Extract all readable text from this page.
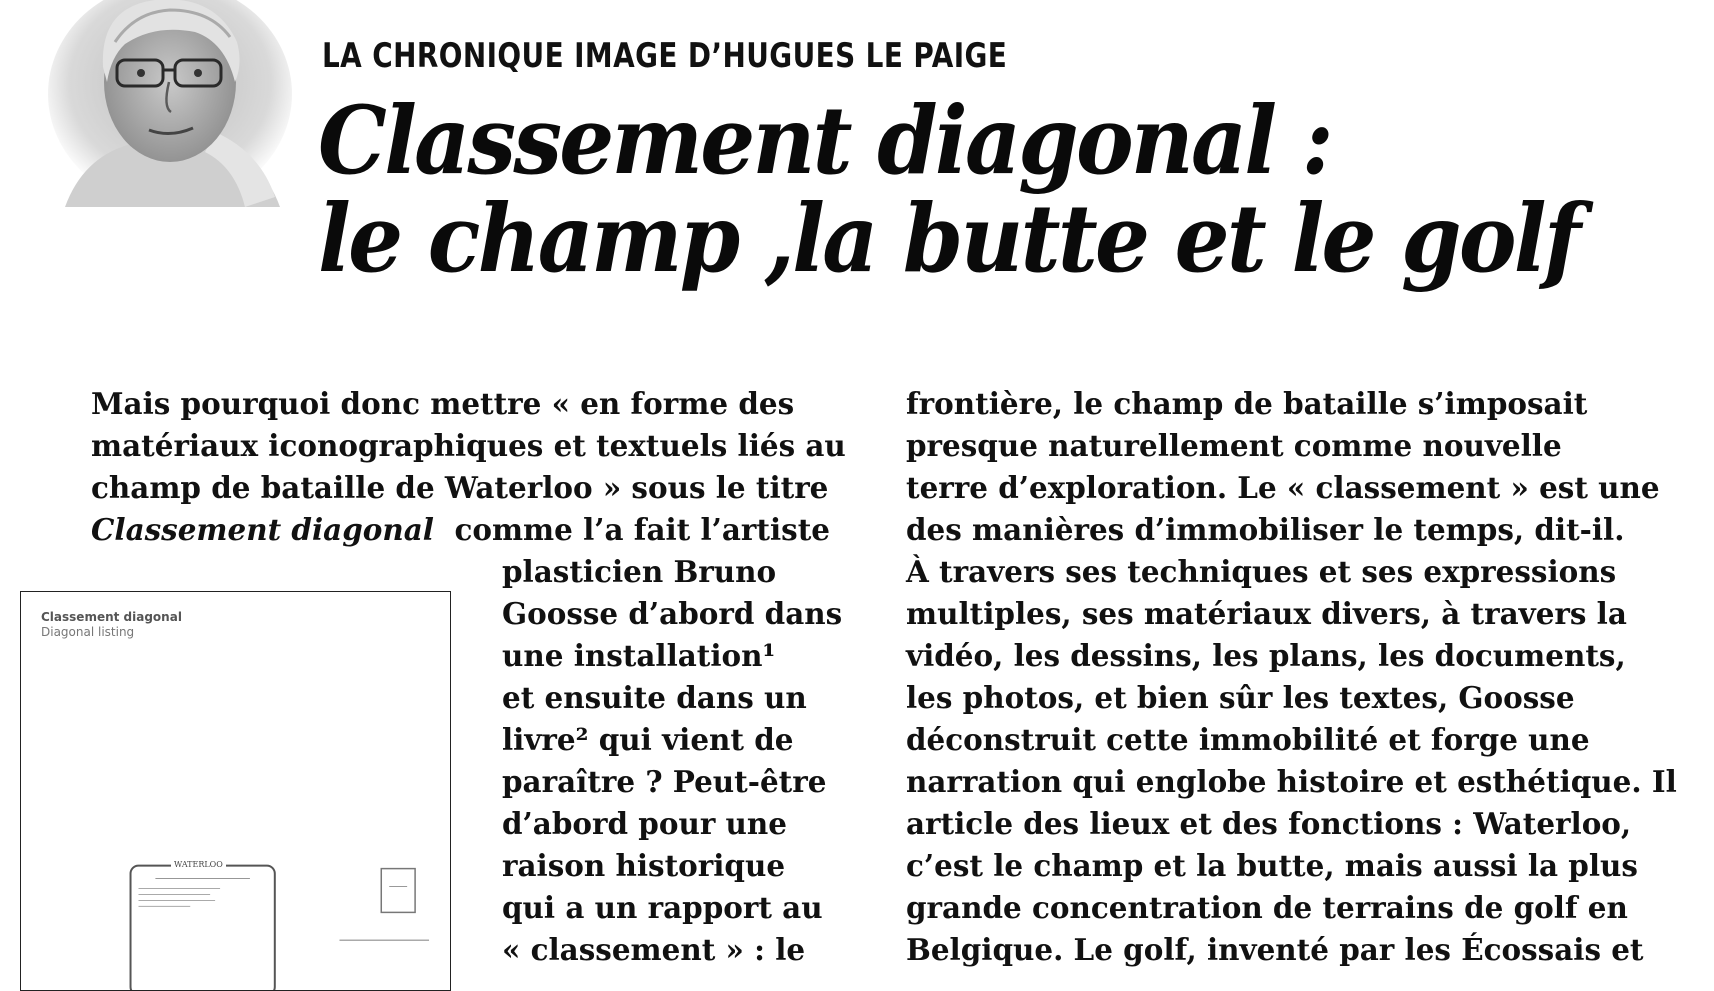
LA CHRONIQUE IMAGE D’HUGUES LE PAIGE
Classement diagonal :
le champ ,la butte et le golf
Mais pourquoi donc mettre « en forme des
matériaux iconographiques et textuels liés au
champ de bataille de Waterloo » sous le titre
Classement diagonal  comme l’a fait l’artiste
plasticien Bruno
Goosse d’abord dans
une installation¹
et ensuite dans un
livre² qui vient de
paraître ? Peut-être
d’abord pour une
raison historique
qui a un rapport au
« classement » : le
frontière, le champ de bataille s’imposait
presque naturellement comme nouvelle
terre d’exploration. Le « classement » est une
des manières d’immobiliser le temps, dit-il.
À travers ses techniques et ses expressions
multiples, ses matériaux divers, à travers la
vidéo, les dessins, les plans, les documents,
les photos, et bien sûr les textes, Goosse
déconstruit cette immobilité et forge une
narration qui englobe histoire et esthétique. Il
article des lieux et des fonctions : Waterloo,
c’est le champ et la butte, mais aussi la plus
grande concentration de terrains de golf en
Belgique. Le golf, inventé par les Écossais et
Classement diagonal
Diagonal listing
WATERLOO
